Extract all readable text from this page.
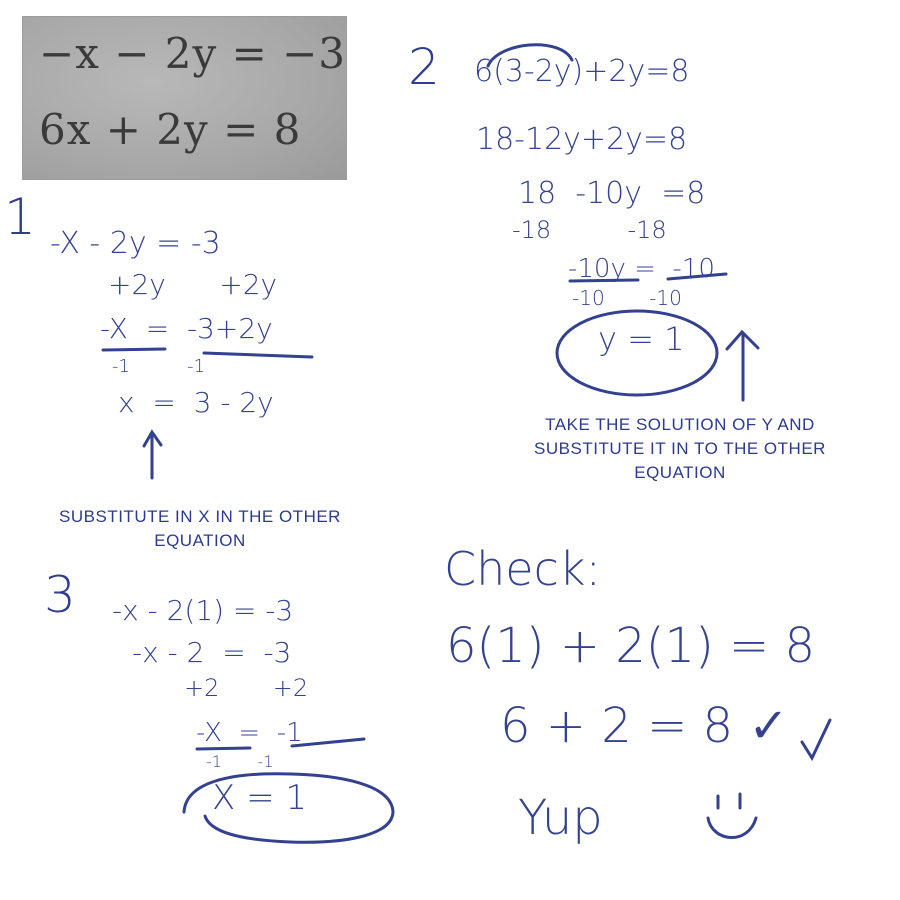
−x − 2y = −3
6x + 2y = 8
1 -X - 2y = -3
+2y      +2y
-X  =  -3+2y
-1          -1
x  =  3 - 2y
SUBSTITUTE IN X IN THE OTHER EQUATION
2 6(3-2y)+2y=8
18-12y+2y=8
18  -10y  =8
-18          -18
-10y =  -10
-10       -10
y = 1
TAKE THE SOLUTION OF Y AND SUBSTITUTE IT IN TO THE OTHER EQUATION
3 -x - 2(1) = -3
-x - 2  =  -3
+2       +2
-X  =  -1
-1       -1
X = 1
Check:
6(1) + 2(1) = 8
6 + 2 = 8 ✓
Yup
